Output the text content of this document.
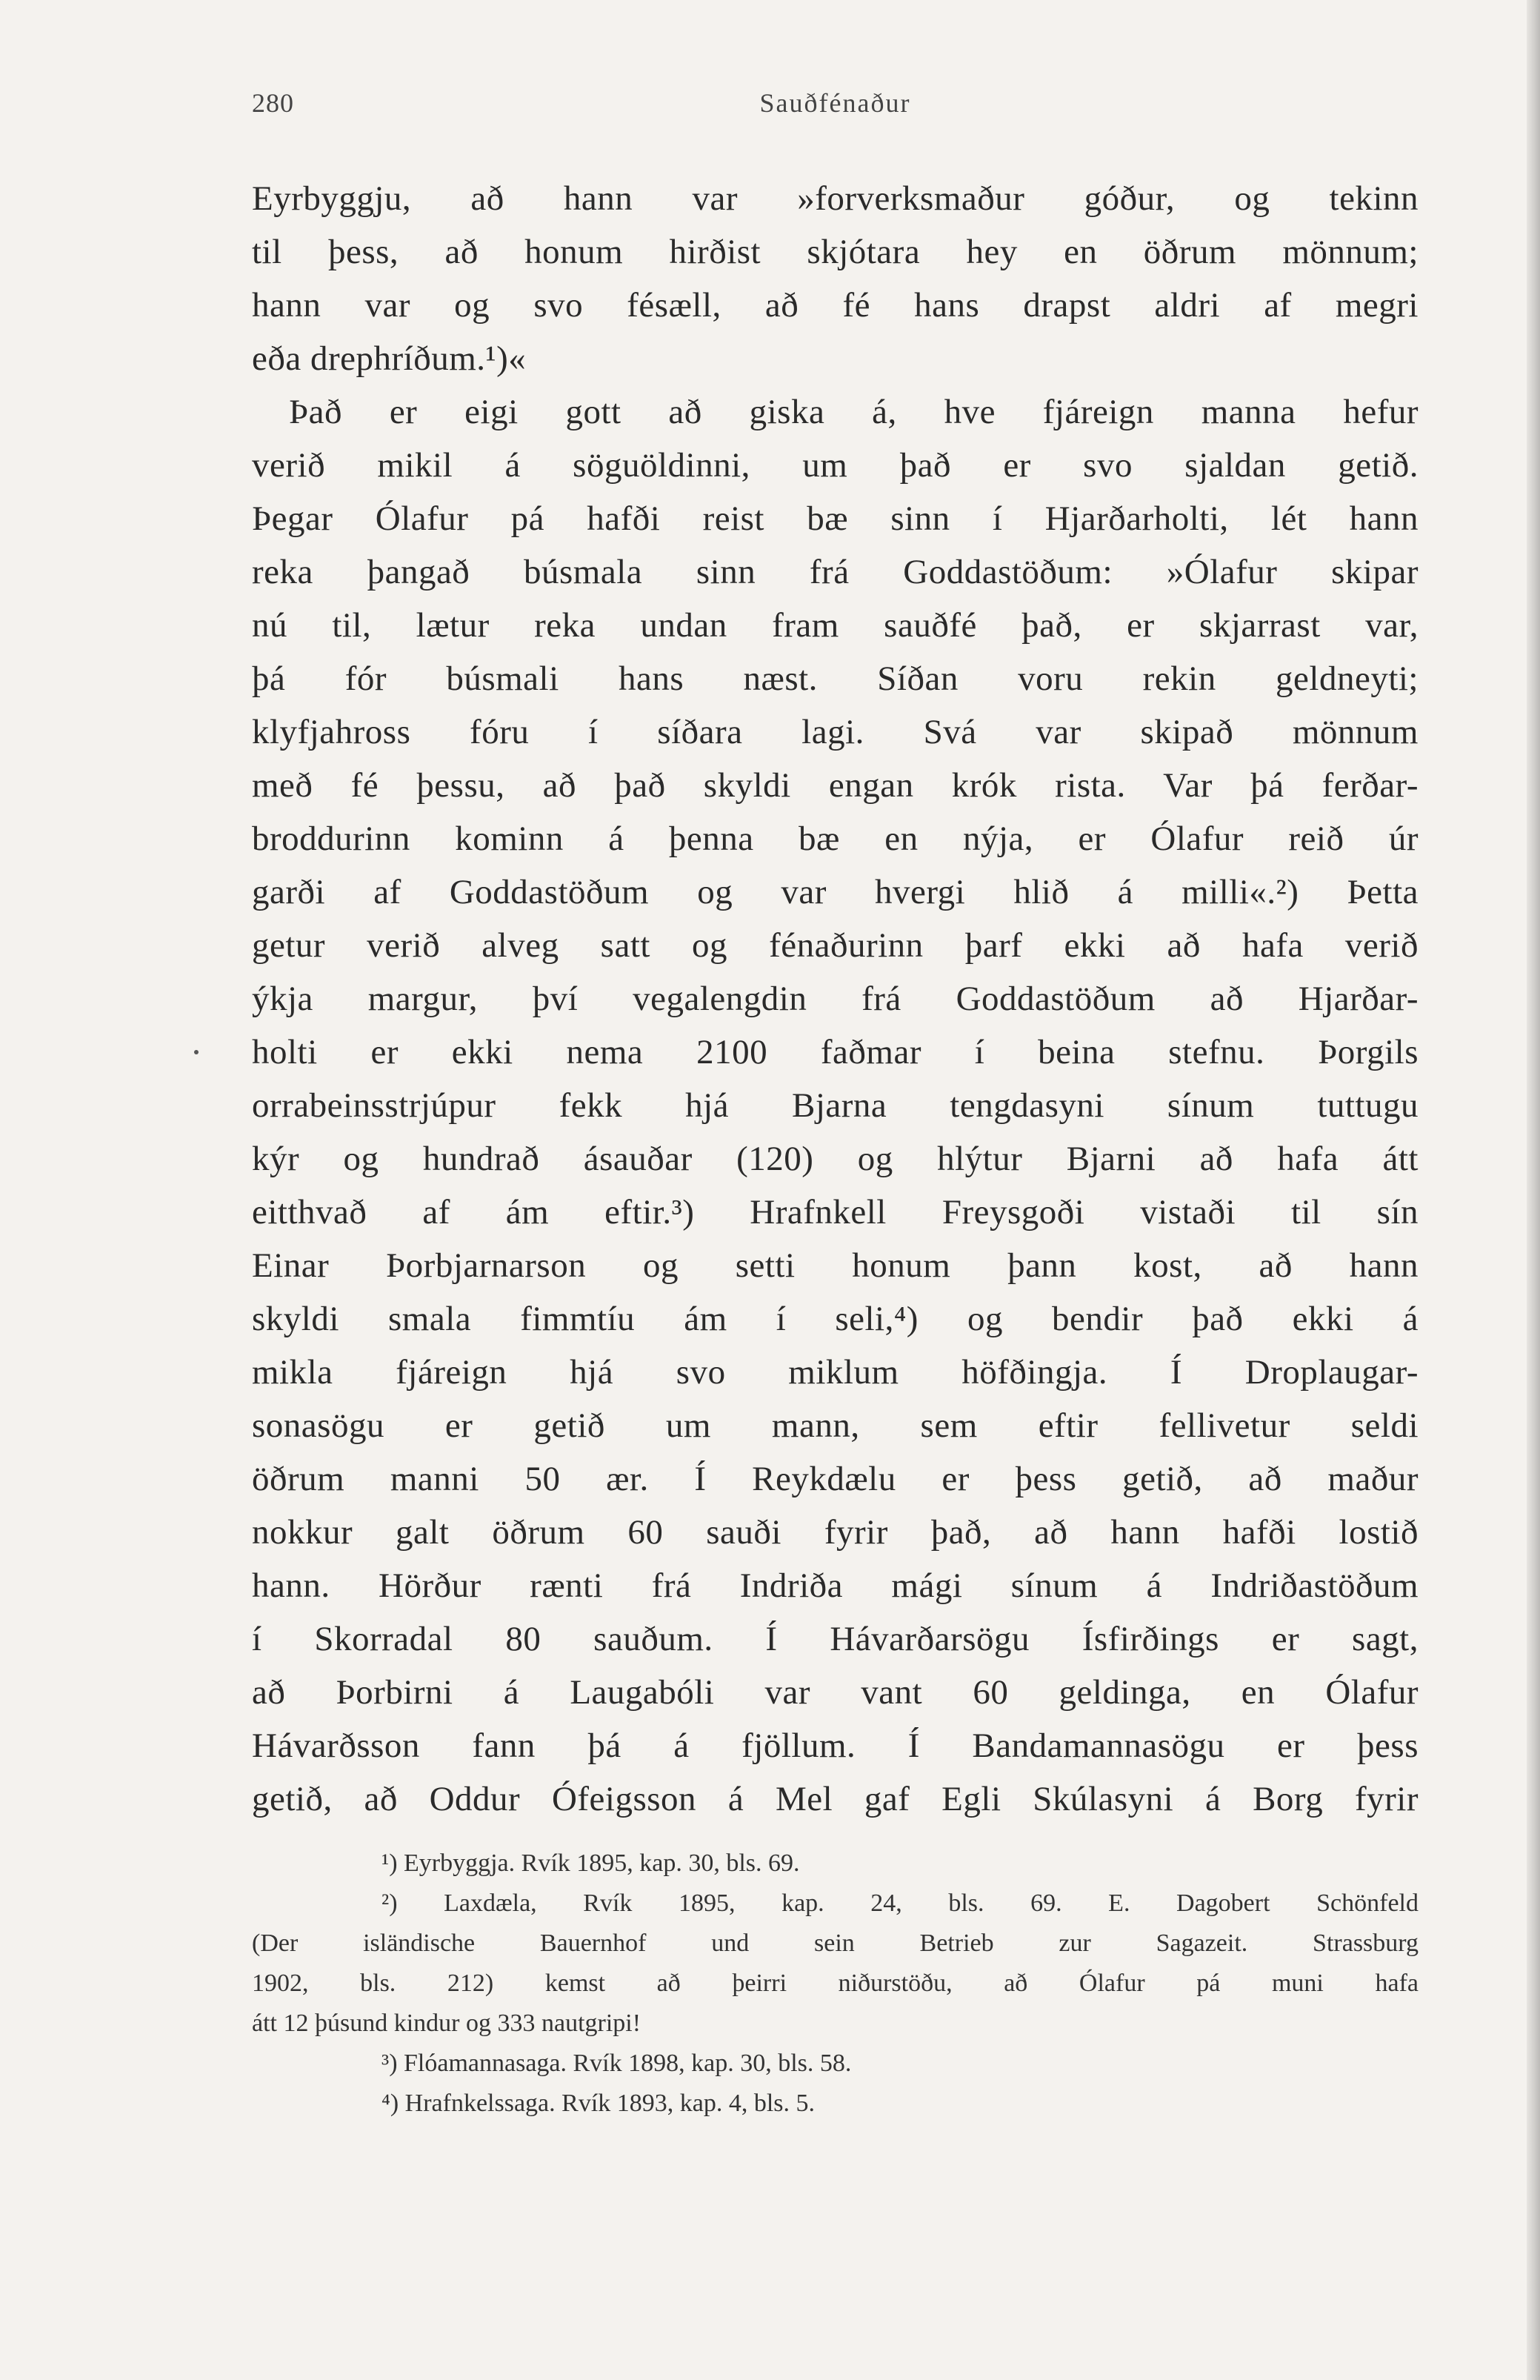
280	Sauðfénaður
Eyrbyggju, að hann var »forverksmaður góður, og tekinn
til þess, að honum hirðist skjótara hey en öðrum mönnum;
hann var og svo fésæll, að fé hans drapst aldri af megri
eða drephríðum.¹)«
Það er eigi gott að giska á, hve fjáreign manna hefur
verið mikil á söguöldinni, um það er svo sjaldan getið.
Þegar Ólafur pá hafði reist bæ sinn í Hjarðarholti, lét hann
reka þangað búsmala sinn frá Goddastöðum: »Ólafur skipar
nú til, lætur reka undan fram sauðfé það, er skjarrast var,
þá fór búsmali hans næst. Síðan voru rekin geldneyti;
klyfjahross fóru í síðara lagi. Svá var skipað mönnum
með fé þessu, að það skyldi engan krók rista. Var þá ferðar-
broddurinn kominn á þenna bæ en nýja, er Ólafur reið úr
garði af Goddastöðum og var hvergi hlið á milli«.²) Þetta
getur verið alveg satt og fénaðurinn þarf ekki að hafa verið
ýkja margur, því vegalengdin frá Goddastöðum að Hjarðar-
holti er ekki nema 2100 faðmar í beina stefnu. Þorgils
orrabeinsstrjúpur fekk hjá Bjarna tengdasyni sínum tuttugu
kýr og hundrað ásauðar (120) og hlýtur Bjarni að hafa átt
eitthvað af ám eftir.³) Hrafnkell Freysgoði vistaði til sín
Einar Þorbjarnarson og setti honum þann kost, að hann
skyldi smala fimmtíu ám í seli,⁴) og bendir það ekki á
mikla fjáreign hjá svo miklum höfðingja. Í Droplaugar-
sonasögu er getið um mann, sem eftir fellivetur seldi
öðrum manni 50 ær. Í Reykdælu er þess getið, að maður
nokkur galt öðrum 60 sauði fyrir það, að hann hafði lostið
hann. Hörður rænti frá Indriða mági sínum á Indriðastöðum
í Skorradal 80 sauðum. Í Hávarðarsögu Ísfirðings er sagt,
að Þorbirni á Laugabóli var vant 60 geldinga, en Ólafur
Hávarðsson fann þá á fjöllum. Í Bandamannasögu er þess
getið, að Oddur Ófeigsson á Mel gaf Egli Skúlasyni á Borg fyrir
¹) Eyrbyggja. Rvík 1895, kap. 30, bls. 69.
²) Laxdæla, Rvík 1895, kap. 24, bls. 69. E. Dagobert Schönfeld
(Der isländische Bauernhof und sein Betrieb zur Sagazeit. Strassburg
1902, bls. 212) kemst að þeirri niðurstöðu, að Ólafur pá muni hafa
átt 12 þúsund kindur og 333 nautgripi!
³) Flóamannasaga. Rvík 1898, kap. 30, bls. 58.
⁴) Hrafnkelssaga. Rvík 1893, kap. 4, bls. 5.
